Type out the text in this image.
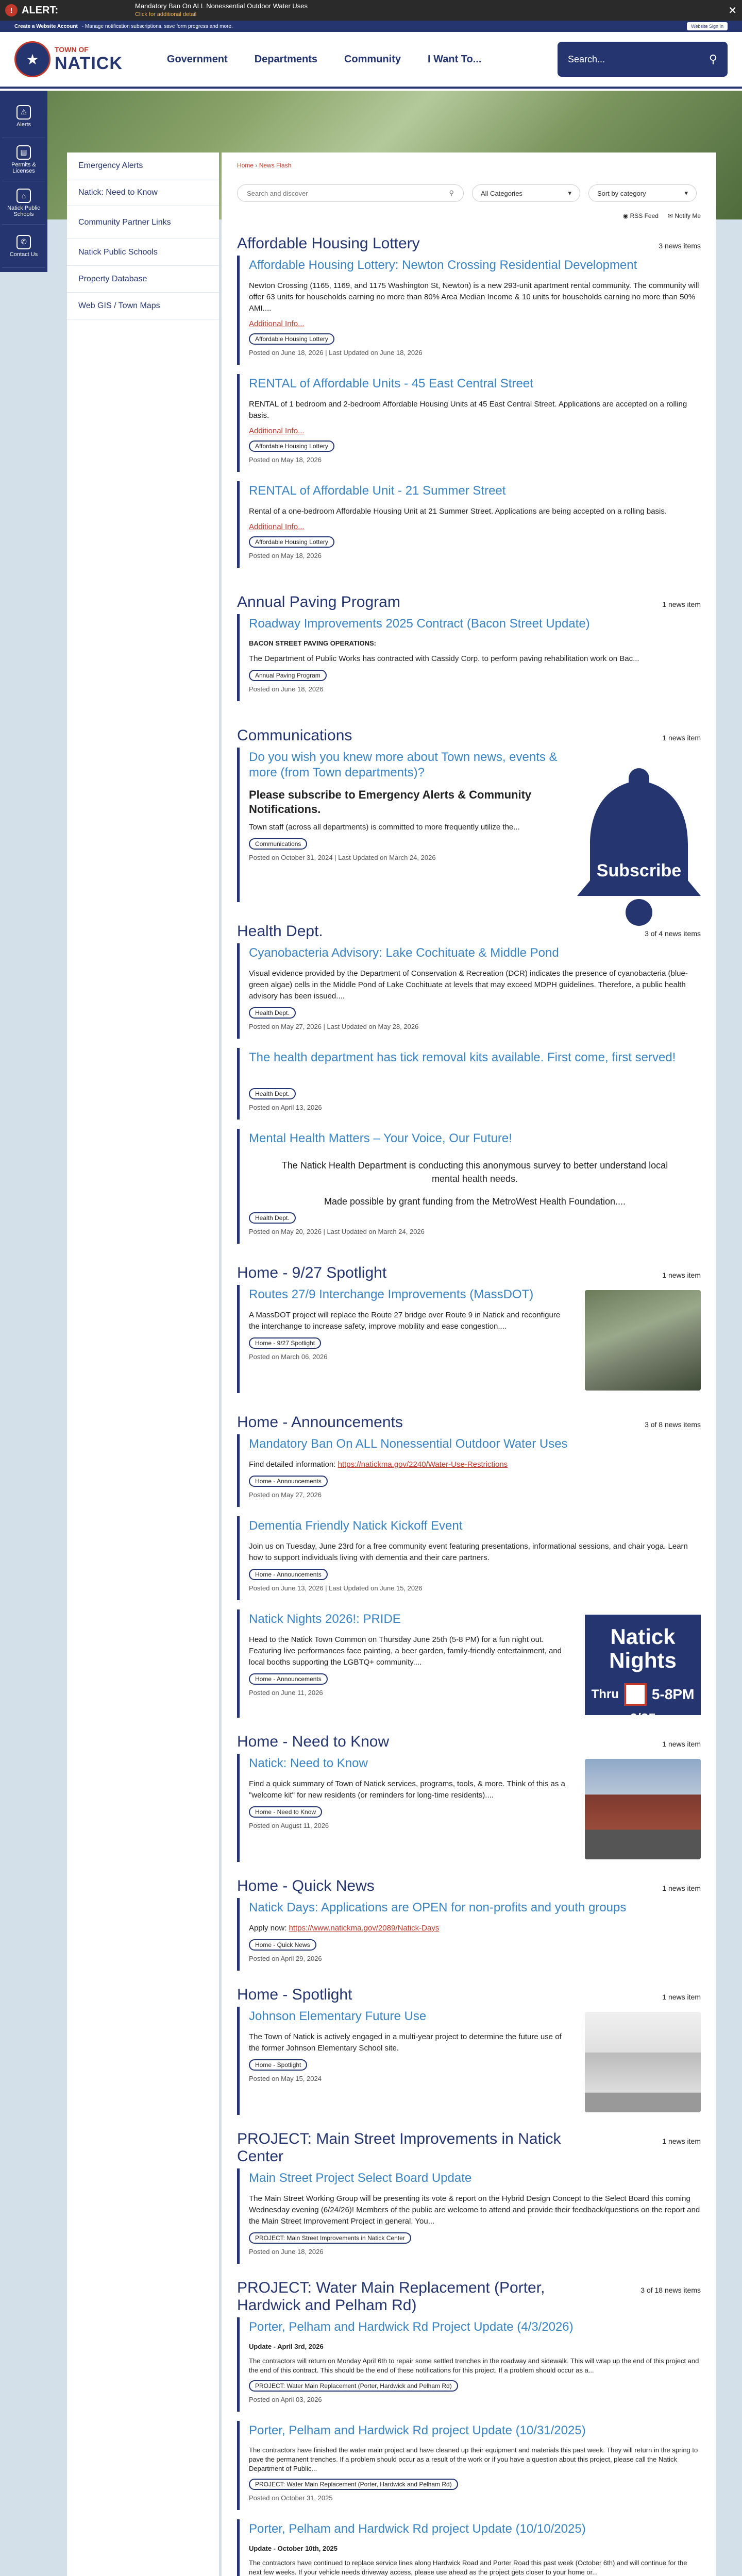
! ALERT:	Mandatory Ban On ALL Nonessential Outdoor Water Uses
Click for additional detail	✕
Create a Website Account - Manage notification subscriptions, save form progress and more.	Website Sign In
★
TOWN OF
NATICK	Government	Departments	Community	I Want To...	Search...	⚲
⚠
Alerts
▤
Permits & Licenses
⌂
Natick Public Schools
✆
Contact Us
Emergency Alerts
Natick: Need to Know
Community Partner Links
Natick Public Schools
Property Database
Web GIS / Town Maps
Home › News Flash
Search and discover	⚲	All Categories	▾	Sort by category	▾
◉ RSS Feed ✉ Notify Me
Affordable Housing Lottery	3 news items
Affordable Housing Lottery: Newton Crossing Residential Development

Newton Crossing (1165, 1169, and 1175 Washington St, Newton) is a new 293-unit apartment rental community. The community will offer 63 units for households earning no more than 80% Area Median Income & 10 units for households earning no more than 50% AMI....

Additional Info...
Affordable Housing Lottery
Posted on June 18, 2026 | Last Updated on June 18, 2026
RENTAL of Affordable Units - 45 East Central Street

RENTAL of 1 bedroom and 2-bedroom Affordable Housing Units at 45 East Central Street. Applications are accepted on a rolling basis.

Additional Info...
Affordable Housing Lottery
Posted on May 18, 2026
RENTAL of Affordable Unit - 21 Summer Street

Rental of a one-bedroom Affordable Housing Unit at 21 Summer Street. Applications are being accepted on a rolling basis.

Additional Info...
Affordable Housing Lottery
Posted on May 18, 2026
Annual Paving Program	1 news item
Roadway Improvements 2025 Contract (Bacon Street Update)
BACON STREET PAVING OPERATIONS:

The Department of Public Works has contracted with Cassidy Corp. to perform paving rehabilitation work on Bac...

Annual Paving Program
Posted on June 18, 2026
Communications	1 news item
Do you wish you knew more about Town news, events & more (from Town departments)?

Please subscribe to Emergency Alerts & Community Notifications.

Town staff (across all departments) is committed to more frequently utilize the...

Communications
Posted on October 31, 2024 | Last Updated on March 24, 2026
Subscribe
Health Dept.	3 of 4 news items
Cyanobacteria Advisory: Lake Cochituate & Middle Pond

Visual evidence provided by the Department of Conservation & Recreation (DCR) indicates the presence of cyanobacteria (blue-green algae) cells in the Middle Pond of Lake Cochituate at levels that may exceed MDPH guidelines. Therefore, a public health advisory has been issued....

Health Dept.
Posted on May 27, 2026 | Last Updated on May 28, 2026
The health department has tick removal kits available. First come, first served!
Health Dept.
Posted on April 13, 2026
Mental Health Matters – Your Voice, Our Future!

The Natick Health Department is conducting this anonymous survey to better understand local mental health needs.

Made possible by grant funding from the MetroWest Health Foundation....

Health Dept.
Posted on May 20, 2026 | Last Updated on March 24, 2026
Home - 9/27 Spotlight	1 news item
Routes 27/9 Interchange Improvements (MassDOT)

A MassDOT project will replace the Route 27 bridge over Route 9 in Natick and reconfigure the interchange to increase safety, improve mobility and ease congestion....

Home - 9/27 Spotlight
Posted on March 06, 2026
Home - Announcements	3 of 8 news items
Mandatory Ban On ALL Nonessential Outdoor Water Uses

Find detailed information: https://natickma.gov/2240/Water-Use-Restrictions

Home - Announcements
Posted on May 27, 2026
Dementia Friendly Natick Kickoff Event

Join us on Tuesday, June 23rd for a free community event featuring presentations, informational sessions, and chair yoga. Learn how to support individuals living with dementia and their care partners.

Home - Announcements
Posted on June 13, 2026 | Last Updated on June 15, 2026
Natick Nights 2026!: PRIDE

Head to the Natick Town Common on Thursday June 25th (5-8 PM) for a fun night out. Featuring live performances face painting, a beer garden, family-friendly entertainment, and local booths supporting the LGBTQ+ community....

Home - Announcements
Posted on June 11, 2026
Natick Nights
Thru 5-8PM
6/25
Home - Need to Know	1 news item
Natick: Need to Know

Find a quick summary of Town of Natick services, programs, tools, & more. Think of this as a "welcome kit" for new residents (or reminders for long-time residents)....

Home - Need to Know
Posted on August 11, 2026
Home - Quick News	1 news item
Natick Days: Applications are OPEN for non-profits and youth groups

Apply now: https://www.natickma.gov/2089/Natick-Days

Home - Quick News
Posted on April 29, 2026
Home - Spotlight	1 news item
Johnson Elementary Future Use

The Town of Natick is actively engaged in a multi-year project to determine the future use of the former Johnson Elementary School site.

Home - Spotlight
Posted on May 15, 2024
PROJECT: Main Street Improvements in Natick Center
1 news item
Main Street Project Select Board Update

The Main Street Working Group will be presenting its vote & report on the Hybrid Design Concept to the Select Board this coming Wednesday evening (6/24/26)! Members of the public are welcome to attend and provide their feedback/questions on the report and the Main Street Improvement Project in general. You...

PROJECT: Main Street Improvements in Natick Center
Posted on June 18, 2026
PROJECT: Water Main Replacement (Porter, Hardwick and Pelham Rd)
3 of 18 news items
Porter, Pelham and Hardwick Rd Project Update (4/3/2026)
Update - April 3rd, 2026

The contractors will return on Monday April 6th to repair some settled trenches in the roadway and sidewalk. This will wrap up the end of this project and the end of this contract. This should be the end of these notifications for this project. If a problem should occur as a...

PROJECT: Water Main Replacement (Porter, Hardwick and Pelham Rd)
Posted on April 03, 2026
Porter, Pelham and Hardwick Rd project Update (10/31/2025)

The contractors have finished the water main project and have cleaned up their equipment and materials this past week. They will return in the spring to pave the permanent trenches. If a problem should occur as a result of the work or if you have a question about this project, please call the Natick Department of Public...

PROJECT: Water Main Replacement (Porter, Hardwick and Pelham Rd)
Posted on October 31, 2025
Porter, Pelham and Hardwick Rd project Update (10/10/2025)
Update - October 10th, 2025

The contractors have continued to replace service lines along Hardwick Road and Porter Road this past week (October 6th) and will continue for the next few weeks. If your vehicle needs driveway access, please use ahead as the project gets closer to your home or...
